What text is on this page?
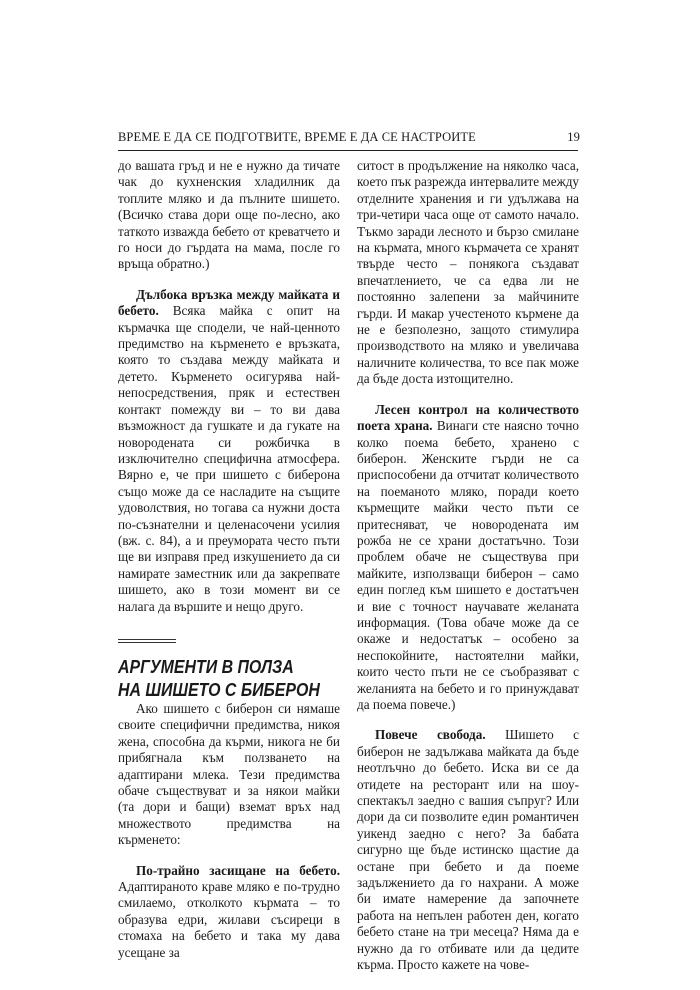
ВРЕМЕ Е ДА СЕ ПОДГОТВИТЕ, ВРЕМЕ Е ДА СЕ НАСТРОИТЕ	19

до вашата гръд и не е нужно да тичате чак до кухненския хладилник да топлите мляко и да пълните шишето. (Всичко става дори още по-лесно, ако таткото изважда бебето от креватчето и го носи до гърдата на мама, после го връща обратно.)

Дълбока връзка между майката и бебето. Всяка майка с опит на кърмачка ще сподели, че най-ценното предимство на кърменето е връзката, която то създава между майката и детето. Кърменето осигурява най-непосредствения, пряк и естествен контакт помежду ви – то ви дава възможност да гушкате и да гукате на новородената си рожбичка в изключително специфична атмосфера. Вярно е, че при шишето с биберона също може да се насладите на същите удоволствия, но тогава са нужни доста по-съзнателни и целенасочени усилия (вж. с. 84), а и преумората често пъти ще ви изправя пред изкушението да си намирате заместник или да закрепвате шишето, ако в този момент ви се налага да вършите и нещо друго.

АРГУМЕНТИ В ПОЛЗА
НА ШИШЕТО С БИБЕРОН

Ако шишето с биберон си нямаше своите специфични предимства, никоя жена, способна да кърми, никога не би прибягнала към ползването на адаптирани млека. Тези предимства обаче съществуват и за някои майки (та дори и бащи) вземат връх над множеството предимства на кърменето:

По-трайно засищане на бебето. Адаптираното краве мляко е по-трудно смилаемо, отколкото кърмата – то образува едри, жилави съсиреци в стомаха на бебето и така му дава усещане за

ситост в продължение на няколко часа, което пък разрежда интервалите между отделните хранения и ги удължава на три-четири часа още от самото начало. Тъкмо заради лесното и бързо смилане на кърмата, много кърмачета се хранят твърде често – понякога създават впечатлението, че са едва ли не постоянно залепени за майчините гърди. И макар учестеното кърмене да не е безполезно, защото стимулира производството на мляко и увеличава наличните количества, то все пак може да бъде доста изтощително.

Лесен контрол на количеството поета храна. Винаги сте наясно точно колко поема бебето, хранено с биберон. Женските гърди не са приспособени да отчитат количеството на поеманото мляко, поради което кърмещите майки често пъти се притесняват, че новородената им рожба не се храни достатъчно. Този проблем обаче не съществува при майките, използващи биберон – само един поглед към шишето е достатъчен и вие с точност научавате желаната информация. (Това обаче може да се окаже и недостатък – особено за неспокойните, настоятелни майки, които често пъти не се съобразяват с желанията на бебето и го принуждават да поема повече.)

Повече свобода. Шишето с биберон не задължава майката да бъде неотлъчно до бебето. Искa ви се да отидете на ресторант или на шоу-спектакъл заедно с вашия съпруг? Или дори да си позволите един романтичен уикенд заедно с него? За бабата сигурно ще бъде истинско щастие да остане при бебето и да поеме задължението да го нахрани. А може би имате намерение да започнете работа на непълен работен ден, когато бебето стане на три месеца? Няма да е нужно да го отбивате или да цедите кърма. Просто кажете на чове-
